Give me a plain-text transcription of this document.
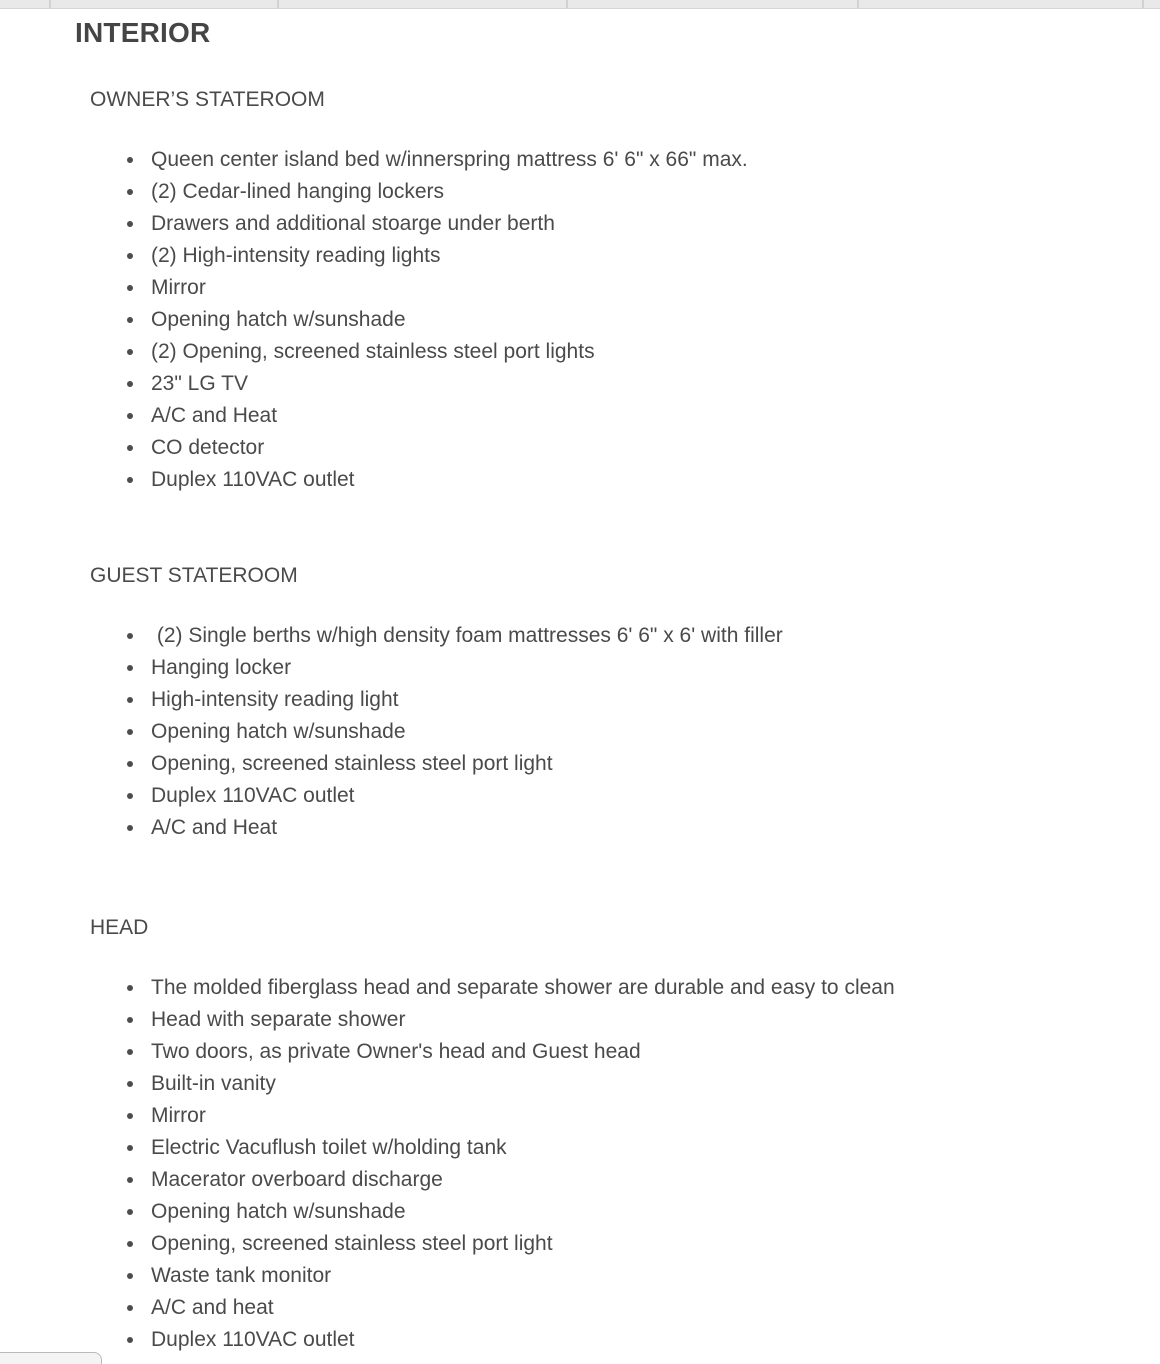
INTERIOR
OWNER’S STATEROOM
Queen center island bed w/innerspring mattress 6' 6" x 66" max.
(2) Cedar-lined hanging lockers
Drawers and additional stoarge under berth
(2) High-intensity reading lights
Mirror
Opening hatch w/sunshade
(2) Opening, screened stainless steel port lights
23" LG TV
A/C and Heat
CO detector
Duplex 110VAC outlet
GUEST STATEROOM
(2) Single berths w/high density foam mattresses 6' 6" x 6' with filler
Hanging locker
High-intensity reading light
Opening hatch w/sunshade
Opening, screened stainless steel port light
Duplex 110VAC outlet
A/C and Heat
HEAD
The molded fiberglass head and separate shower are durable and easy to clean
Head with separate shower
Two doors, as private Owner's head and Guest head
Built-in vanity
Mirror
Electric Vacuflush toilet w/holding tank
Macerator overboard discharge
Opening hatch w/sunshade
Opening, screened stainless steel port light
Waste tank monitor
A/C and heat
Duplex 110VAC outlet
